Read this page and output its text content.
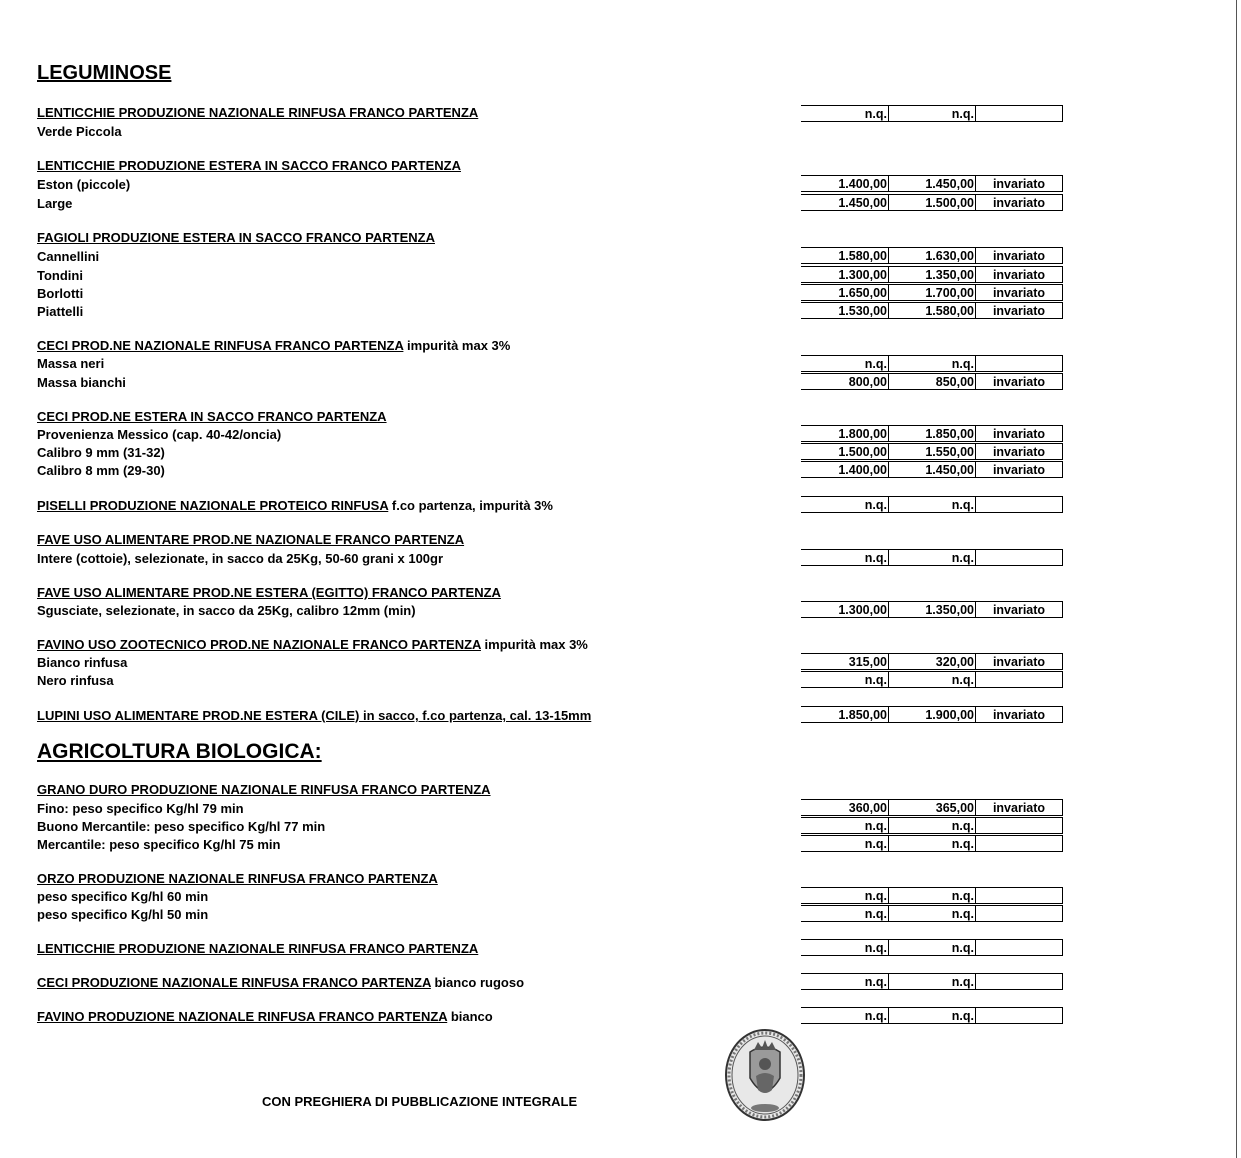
LEGUMINOSE
LENTICCHIE PRODUZIONE NAZIONALE RINFUSA FRANCO PARTENZA	n.q.	n.q.
Verde Piccola
LENTICCHIE PRODUZIONE ESTERA IN SACCO FRANCO PARTENZA
Eston (piccole)	1.400,00	1.450,00	invariato
Large	1.450,00	1.500,00	invariato
FAGIOLI PRODUZIONE ESTERA IN SACCO FRANCO PARTENZA
Cannellini	1.580,00	1.630,00	invariato
Tondini	1.300,00	1.350,00	invariato
Borlotti	1.650,00	1.700,00	invariato
Piattelli	1.530,00	1.580,00	invariato
CECI PROD.NE NAZIONALE RINFUSA FRANCO PARTENZA impurità max 3%
Massa neri	n.q.	n.q.
Massa bianchi	800,00	850,00	invariato
CECI PROD.NE ESTERA IN SACCO FRANCO PARTENZA
Provenienza Messico (cap. 40-42/oncia)	1.800,00	1.850,00	invariato
Calibro 9 mm (31-32)	1.500,00	1.550,00	invariato
Calibro 8 mm (29-30)	1.400,00	1.450,00	invariato
PISELLI PRODUZIONE NAZIONALE PROTEICO RINFUSA f.co partenza, impurità 3%	n.q.	n.q.
FAVE USO ALIMENTARE PROD.NE NAZIONALE FRANCO PARTENZA
Intere (cottoie), selezionate, in sacco da 25Kg, 50-60 grani x 100gr	n.q.	n.q.
FAVE USO ALIMENTARE PROD.NE ESTERA (EGITTO) FRANCO PARTENZA
Sgusciate, selezionate, in sacco da 25Kg, calibro 12mm (min)	1.300,00	1.350,00	invariato
FAVINO USO ZOOTECNICO PROD.NE NAZIONALE FRANCO PARTENZA impurità max 3%
Bianco rinfusa	315,00	320,00	invariato
Nero rinfusa	n.q.	n.q.
LUPINI USO ALIMENTARE PROD.NE ESTERA (CILE) in sacco, f.co partenza, cal. 13-15mm	1.850,00	1.900,00	invariato
AGRICOLTURA BIOLOGICA:
GRANO DURO PRODUZIONE NAZIONALE RINFUSA FRANCO PARTENZA
Fino: peso specifico Kg/hl 79 min	360,00	365,00	invariato
Buono Mercantile: peso specifico Kg/hl 77 min	n.q.	n.q.
Mercantile: peso specifico Kg/hl 75 min	n.q.	n.q.
ORZO PRODUZIONE NAZIONALE RINFUSA FRANCO PARTENZA
peso specifico Kg/hl 60 min	n.q.	n.q.
peso specifico Kg/hl 50 min	n.q.	n.q.
LENTICCHIE PRODUZIONE NAZIONALE RINFUSA FRANCO PARTENZA	n.q.	n.q.
CECI PRODUZIONE NAZIONALE RINFUSA FRANCO PARTENZA bianco rugoso	n.q.	n.q.
FAVINO PRODUZIONE NAZIONALE RINFUSA FRANCO PARTENZA bianco	n.q.	n.q.
CON PREGHIERA DI PUBBLICAZIONE INTEGRALE
